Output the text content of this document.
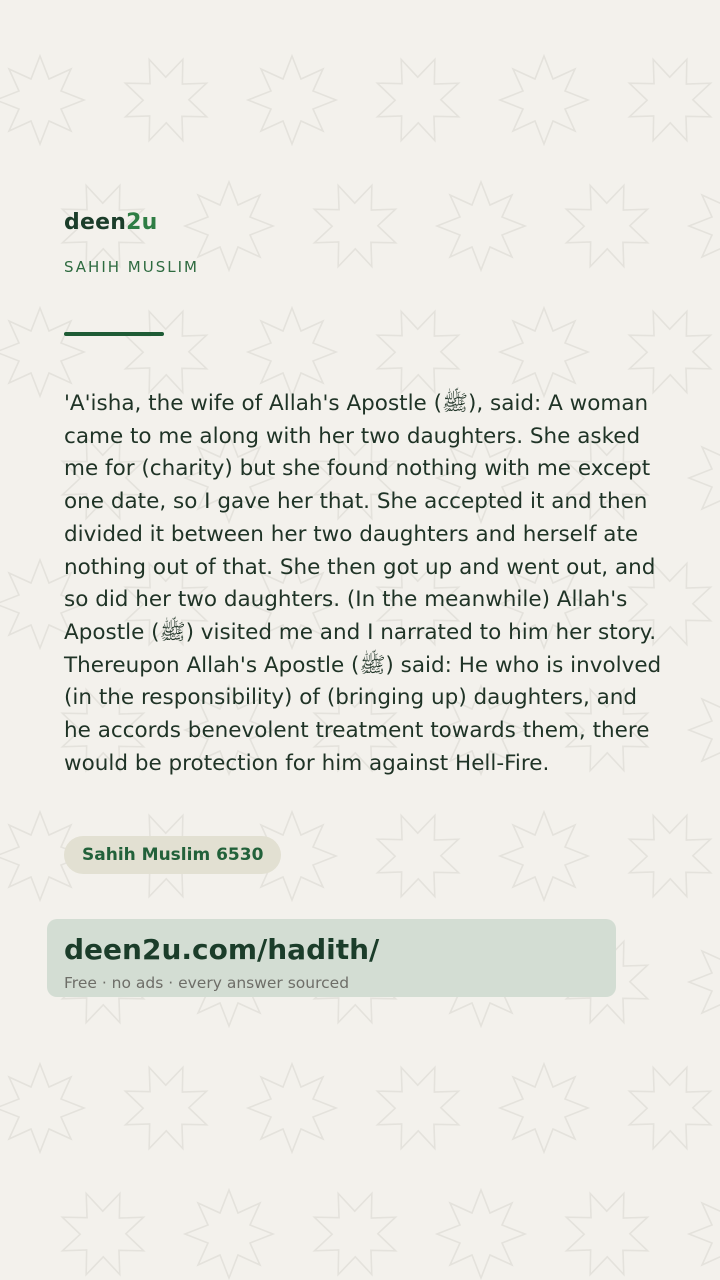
deen2u
SAHIH MUSLIM

'A'isha, the wife of Allah's Apostle (ﷺ), said: A woman came to me along with her two daughters. She asked me for (charity) but she found nothing with me except one date, so I gave her that. She accepted it and then divided it between her two daughters and herself ate nothing out of that. She then got up and went out, and so did her two daughters. (In the meanwhile) Allah's Apostle (ﷺ) visited me and I narrated to him her story. Thereupon Allah's Apostle (ﷺ) said: He who is involved (in the responsibility) of (bringing up) daughters, and he accords benevolent treatment towards them, there would be protection for him against Hell-Fire.

Sahih Muslim 6530
deen2u.com/hadith/
Free · no ads · every answer sourced
